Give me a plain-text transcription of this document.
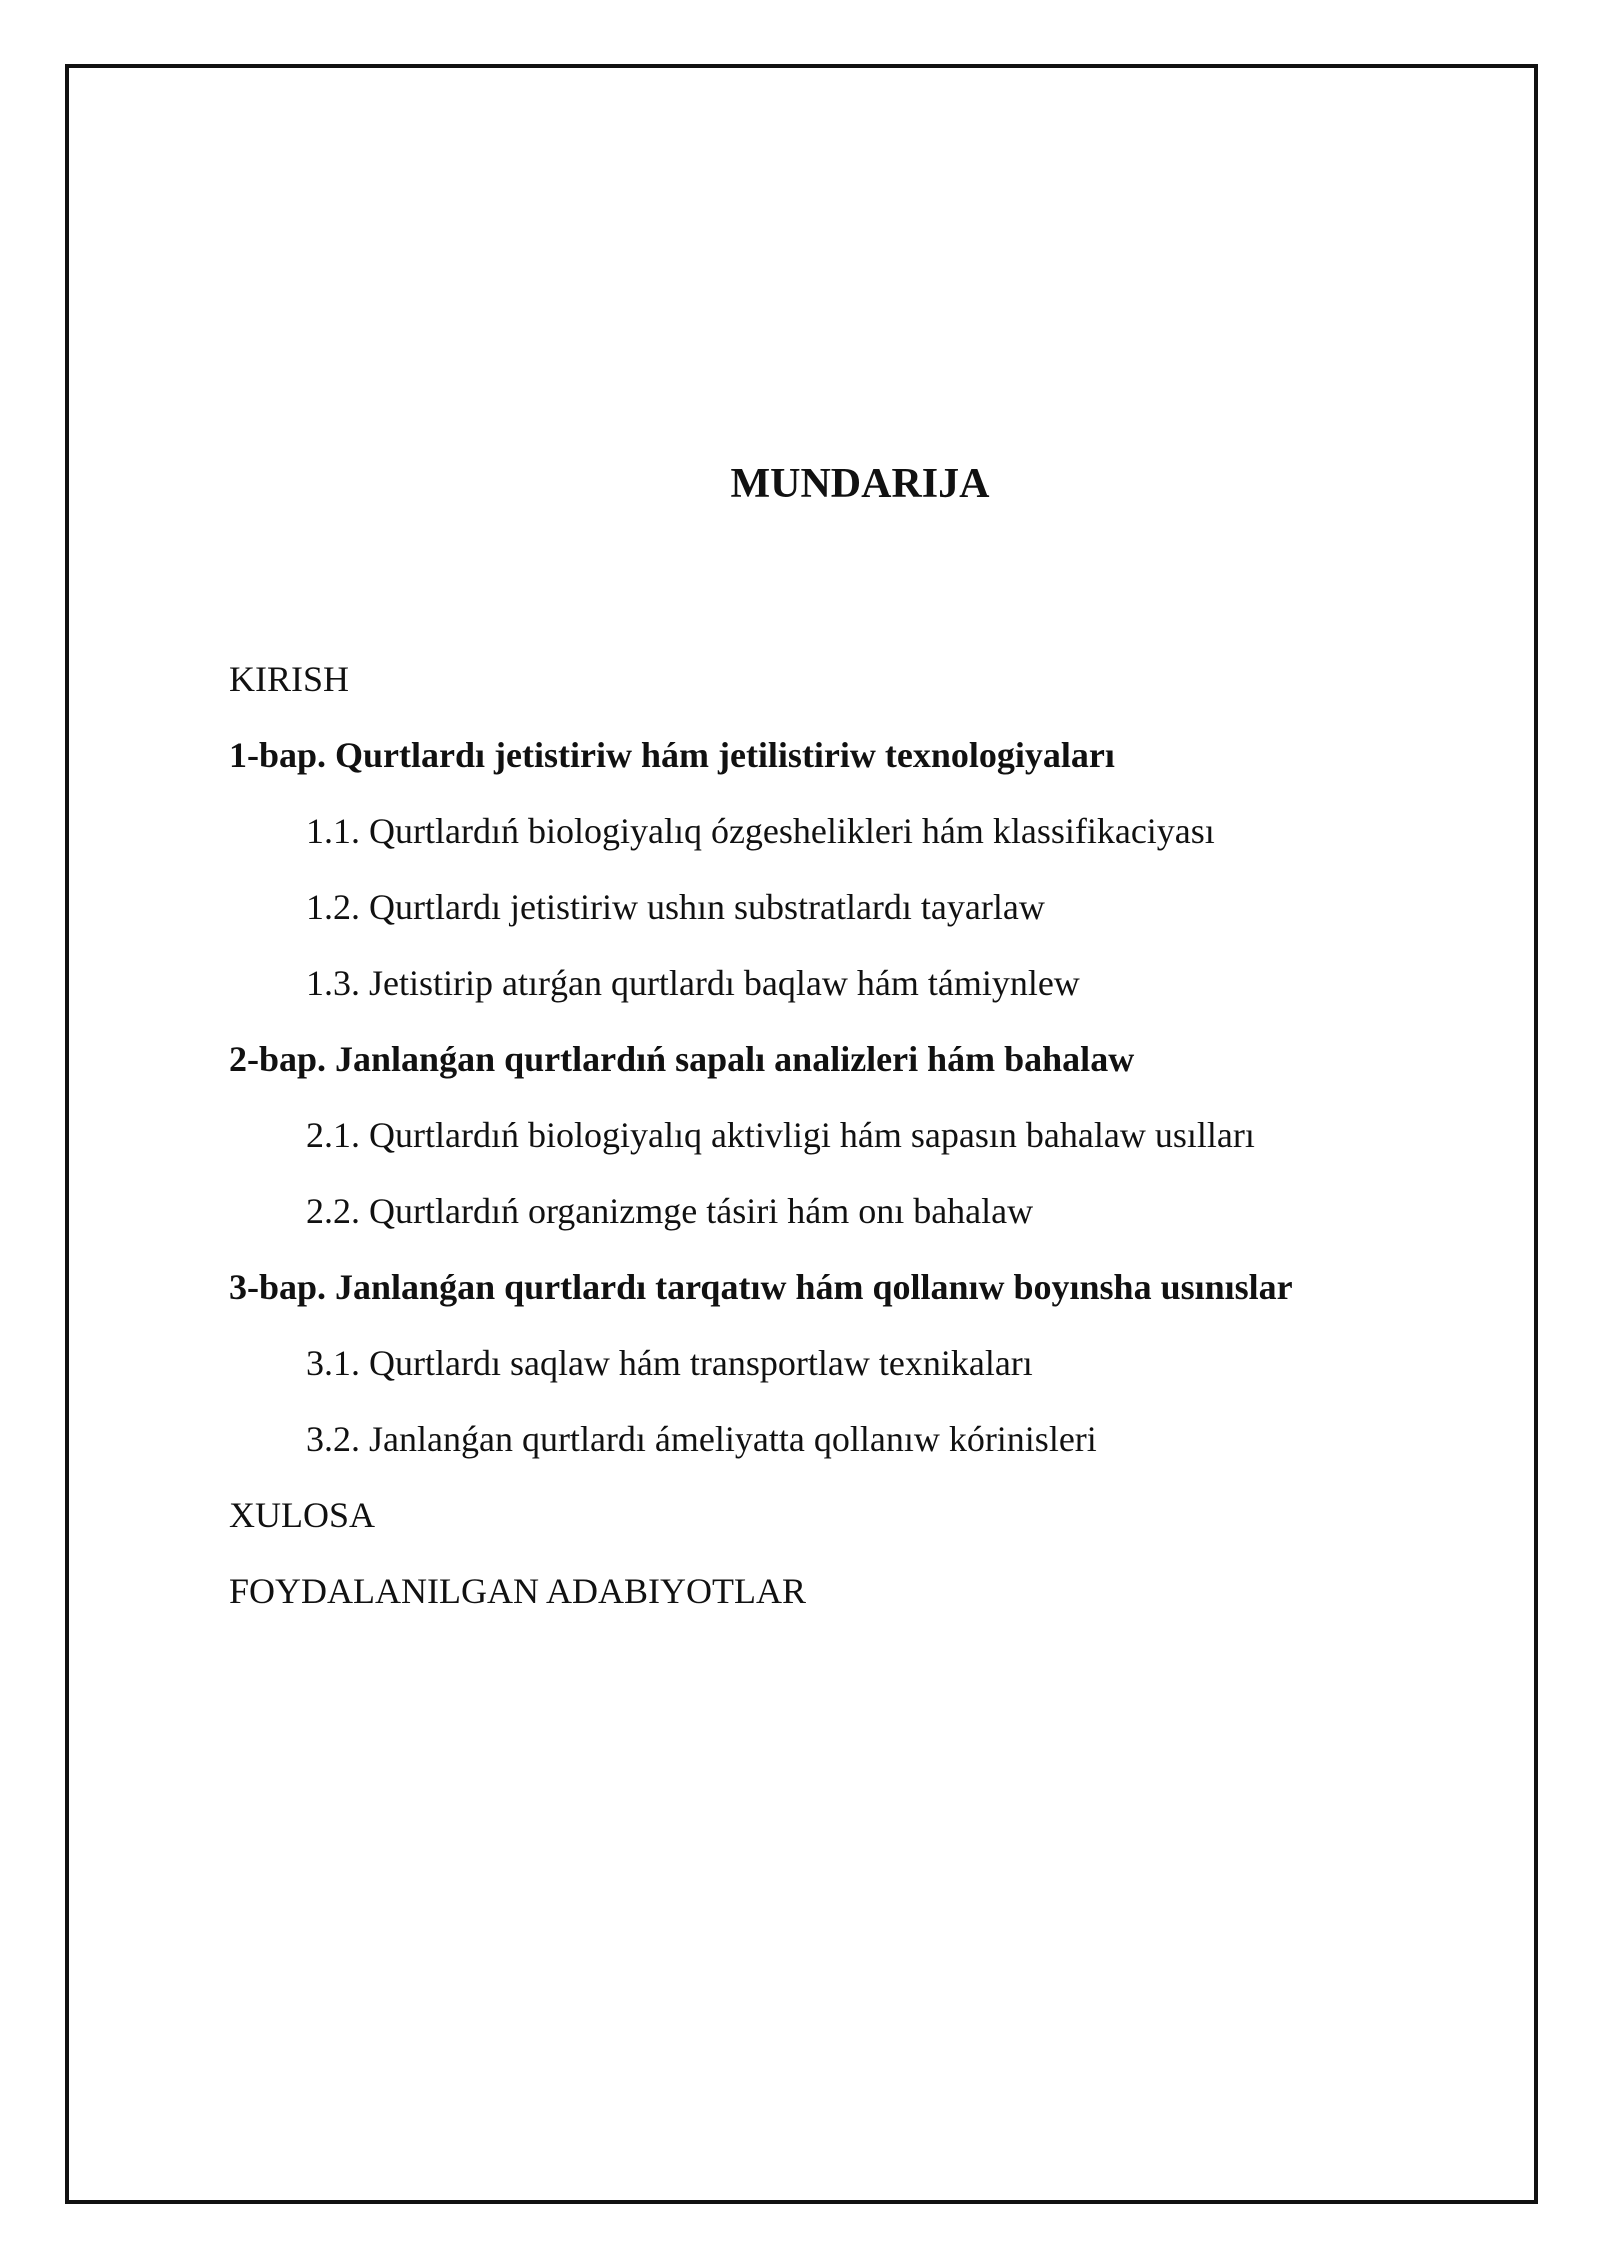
MUNDARIJA
KIRISH
1-bap. Qurtlardı jetistiriw hám jetilistiriw texnologiyaları
1.1. Qurtlardıń biologiyalıq ózgeshelikleri hám klassifikaciyası
1.2. Qurtlardı jetistiriw ushın substratlardı tayarlaw
1.3. Jetistirip atırǵan qurtlardı baqlaw hám támiynlew
2-bap. Janlanǵan qurtlardıń sapalı analizleri hám bahalaw
2.1. Qurtlardıń biologiyalıq aktivligi hám sapasın bahalaw usılları
2.2. Qurtlardıń organizmge tásiri hám onı bahalaw
3-bap. Janlanǵan qurtlardı tarqatıw hám qollanıw boyınsha usınıslar
3.1. Qurtlardı saqlaw hám transportlaw texnikaları
3.2. Janlanǵan qurtlardı ámeliyatta qollanıw kórinisleri
XULOSA
FOYDALANILGAN ADABIYOTLAR
